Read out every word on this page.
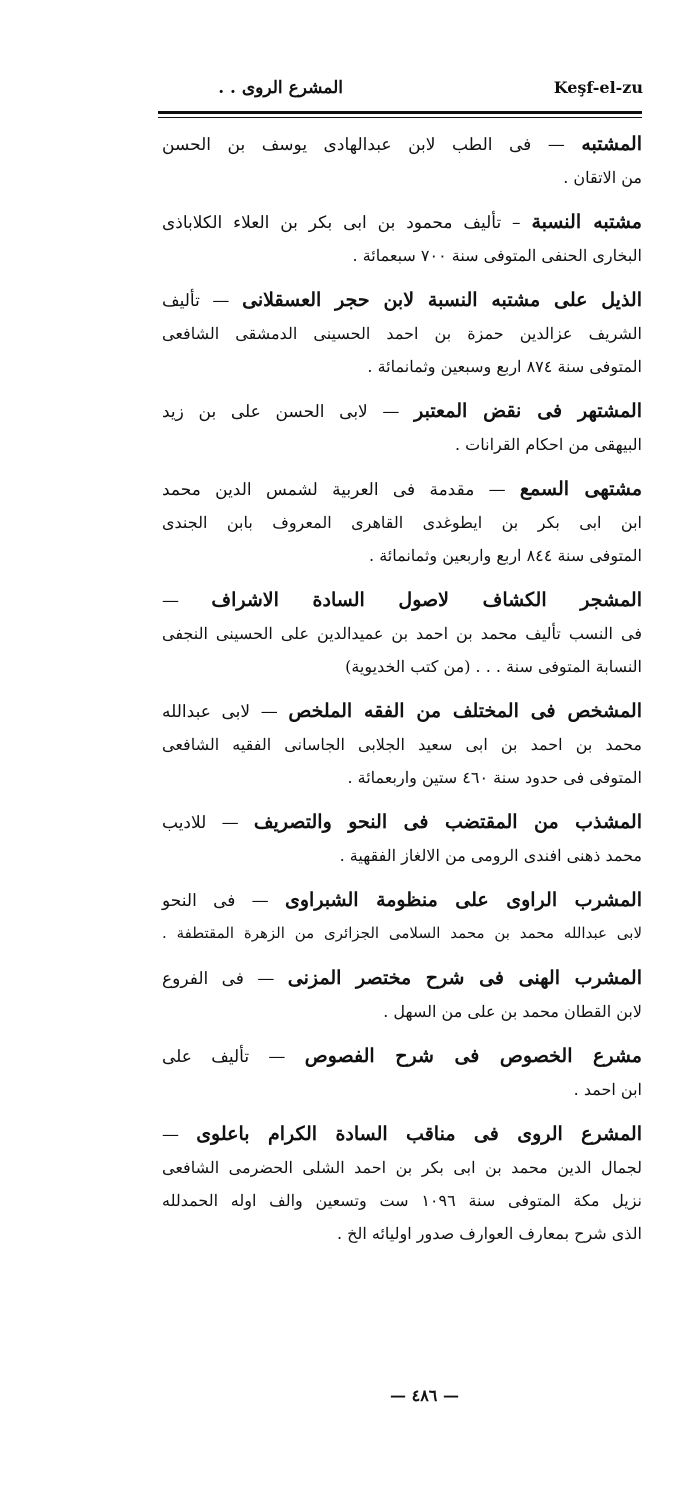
المشرع الروى . .	Keşf-el-zu
المشتبه — فى الطب لابن عبدالهادى يوسف بن الحسن
من الاتقان .
مشتبه النسبة – تأليف محمود بن ابى بكر بن العلاء الكلاباذى
البخارى الحنفى المتوفى سنة ٧٠٠ سبعمائة .
الذيل على مشتبه النسبة لابن حجر العسقلانى — تأليف
الشريف عزالدين حمزة بن احمد الحسينى الدمشقى الشافعى
المتوفى سنة ٨٧٤ اربع وسبعين وثمانمائة .
المشتهر فى نقض المعتبر — لابى الحسن على بن زيد
البيهقى من احكام القرانات .
مشتهى السمع — مقدمة فى العربية لشمس الدين محمد
ابن ابى بكر بن ايطوغدى القاهرى المعروف بابن الجندى
المتوفى سنة ٨٤٤ اربع واربعين وثمانمائة .
المشجر الكشاف لاصول السادة الاشراف —
فى النسب تأليف محمد بن احمد بن عميدالدين على الحسينى النجفى
النسابة المتوفى سنة . . . (من كتب الخديوية)
المشخص فى المختلف من الفقه الملخص — لابى عبدالله
محمد بن احمد بن ابى سعيد الجلابى الجاسانى الفقيه الشافعى
المتوفى فى حدود سنة ٤٦٠ ستين واربعمائة .
المشذب من المقتضب فى النحو والتصريف — للاديب
محمد ذهنى افندى الرومى من الالغاز الفقهية .
المشرب الراوى على منظومة الشبراوى — فى النحو
لابى عبدالله محمد بن محمد السلامى الجزائرى من الزهرة المقتطفة .
المشرب الهنى فى شرح مختصر المزنى — فى الفروع
لابن القطان محمد بن على من السهل .
مشرع الخصوص فى شرح الفصوص — تأليف على
ابن احمد .
المشرع الروى فى مناقب السادة الكرام باعلوى —
لجمال الدين محمد بن ابى بكر بن احمد الشلى الحضرمى الشافعى
نزيل مكة المتوفى سنة ١٠٩٦ ست وتسعين والف اوله الحمدلله
الذى شرح بمعارف العوارف صدور اوليائه الخ .
— ٤٨٦ —
